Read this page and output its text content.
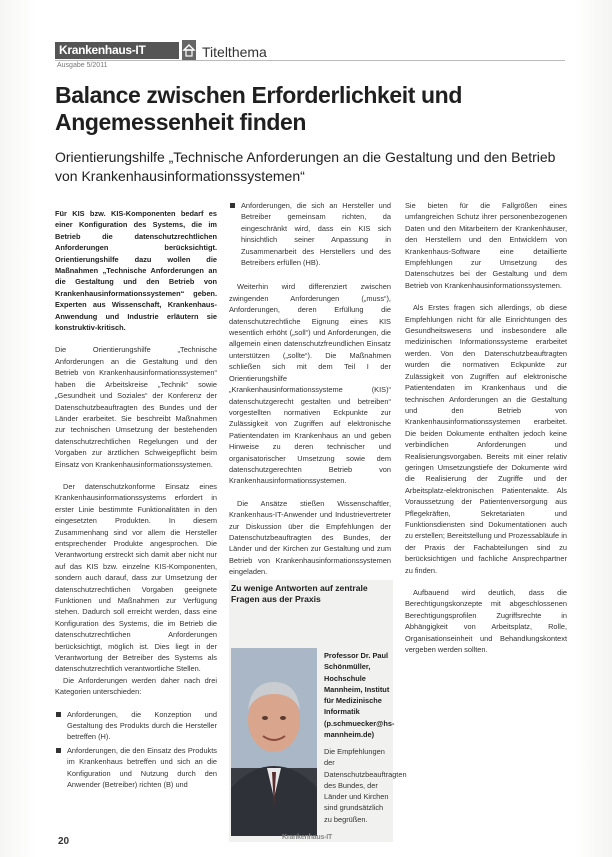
Krankenhaus-IT	Titelthema
Ausgabe 5/2011
Balance zwischen Erforderlichkeit und Angemessenheit finden

Orientierungshilfe „Technische Anforderungen an die Gestaltung und den Betrieb von Krankenhausinformationssystemen“

Für KIS bzw. KIS-Komponenten bedarf es einer Konfiguration des Systems, die im Betrieb die datenschutzrechtlichen Anforderungen berücksichtigt. Orientierungshilfe dazu wollen die Maßnahmen „Technische Anforderungen an die Gestaltung und den Betrieb von Krankenhausinformationssystemen“ geben. Experten aus Wissenschaft, Krankenhaus-Anwendung und Industrie erläutern sie konstruktiv-kritisch.

Die Orientierungshilfe „Technische Anforderungen an die Gestaltung und den Betrieb von Krankenhausinformationssystemen“ haben die Arbeitskreise „Technik“ sowie „Gesundheit und Soziales“ der Konferenz der Datenschutzbeauftragten des Bundes und der Länder erarbeitet. Sie beschreibt Maßnahmen zur technischen Umsetzung der bestehenden datenschutzrechtlichen Regelungen und der Vorgaben zur ärztlichen Schweigepflicht beim Einsatz von Krankenhausinformationssystemen.

Der datenschutzkonforme Einsatz eines Krankenhausinformationssystems erfordert in erster Linie bestimmte Funktionalitäten in den eingesetzten Produkten. In diesem Zusammenhang sind vor allem die Hersteller entsprechender Produkte angesprochen. Die Verantwortung erstreckt sich damit aber nicht nur auf das KIS bzw. einzelne KIS-Komponenten, sondern auch darauf, dass zur Umsetzung der datenschutzrechtlichen Vorgaben geeignete Funktionen und Maßnahmen zur Verfügung stehen. Dadurch soll erreicht werden, dass eine Konfiguration des Systems, die im Betrieb die datenschutzrechtlichen Anforderungen berücksichtigt, möglich ist. Dies liegt in der Verantwortung der Betreiber des Systems als datenschutzrechtlich verantwortliche Stellen.

Die Anforderungen werden daher nach drei Kategorien unterschieden:

Anforderungen, die Konzeption und Gestaltung des Produkts durch die Hersteller betreffen (H).
Anforderungen, die den Einsatz des Produkts im Krankenhaus betreffen und sich an die Konfiguration und Nutzung durch den Anwender (Betreiber) richten (B) und
Anforderungen, die sich an Hersteller und Betreiber gemeinsam richten, da eingeschränkt wird, dass ein KIS sich hinsichtlich seiner Anpassung in Zusammenarbeit des Herstellers und des Betreibers erfüllen (HB).

Weiterhin wird differenziert zwischen zwingenden Anforderungen („muss“), Anforderungen, deren Erfüllung die datenschutzrechtliche Eignung eines KIS wesentlich erhöht („soll“) und Anforderungen, die allgemein einen datenschutzfreundlichen Einsatz unterstützen („sollte“). Die Maßnahmen schließen sich mit dem Teil I der Orientierungshilfe „Krankenhausinformationssysteme (KIS)“ datenschutzgerecht gestalten und betreiben“ vorgestellten normativen Eckpunkte zur Zulässigkeit von Zugriffen auf elektronische Patientendaten im Krankenhaus an und geben Hinweise zu deren technischer und organisatorischer Umsetzung sowie dem datenschutzgerechten Betrieb von Krankenhausinformationssystemen.

Die Ansätze stießen Wissenschaftler, Krankenhaus-IT-Anwender und Industrievertreter zur Diskussion über die Empfehlungen der Datenschutzbeauftragten des Bundes, der Länder und der Kirchen zur Gestaltung und zum Betrieb von Krankenhausinformationssystemen eingeladen.

Zu wenige Antworten auf zentrale Fragen aus der Praxis
Professor Dr. Paul Schönmüller, Hochschule Mannheim, Institut für Medizinische Informatik (p.schmuecker@hs-mannheim.de)
Die Empfehlungen der Datenschutzbeauftragten des Bundes, der Länder und Kirchen sind grundsätzlich zu begrüßen.

Sie bieten für die Fallgrößen eines umfangreichen Schutz ihrer personenbezogenen Daten und den Mitarbeitern der Krankenhäuser, den Herstellern und den Entwicklern von Krankenhaus-Software eine detaillierte Empfehlungen zur Umsetzung des Datenschutzes bei der Gestaltung und dem Betrieb von Krankenhausinformationssystemen.

Als Erstes fragen sich allerdings, ob diese Empfehlungen nicht für alle Einrichtungen des Gesundheitswesens und insbesondere alle medizinischen Informationssysteme erarbeitet werden. Von den Datenschutzbeauftragten wurden die normativen Eckpunkte zur Zulässigkeit von Zugriffen auf elektronische Patientendaten im Krankenhaus und die technischen Anforderungen an die Gestaltung und den Betrieb von Krankenhausinformationssystemen erarbeitet. Die beiden Dokumente enthalten jedoch keine verbindlichen Anforderungen und Realisierungsvorgaben. Bereits mit einer relativ geringen Umsetzungstiefe der Dokumente wird die Realisierung der Zugriffe und der Arbeitsplatz-elektronischen Patientenakte. Als Voraussetzung der Patientenversorgung aus Pflegekräften, Sekretariaten und Funktionsdiensten sind Dokumentationen auch zu erstellen; Bereitstellung und Prozessabläufe in der Praxis der Fachabteilungen sind zu berücksichtigen und fachliche Ansprechpartner zu finden.

Aufbauend wird deutlich, dass die Berechtigungskonzepte mit abgeschlossenen Berechtigungsprofilen Zugriffsrechte in Abhängigkeit von Arbeitsplatz, Rolle, Organisationseinheit und Behandlungskontext vergeben werden sollten.

20	Krankenhaus-IT
